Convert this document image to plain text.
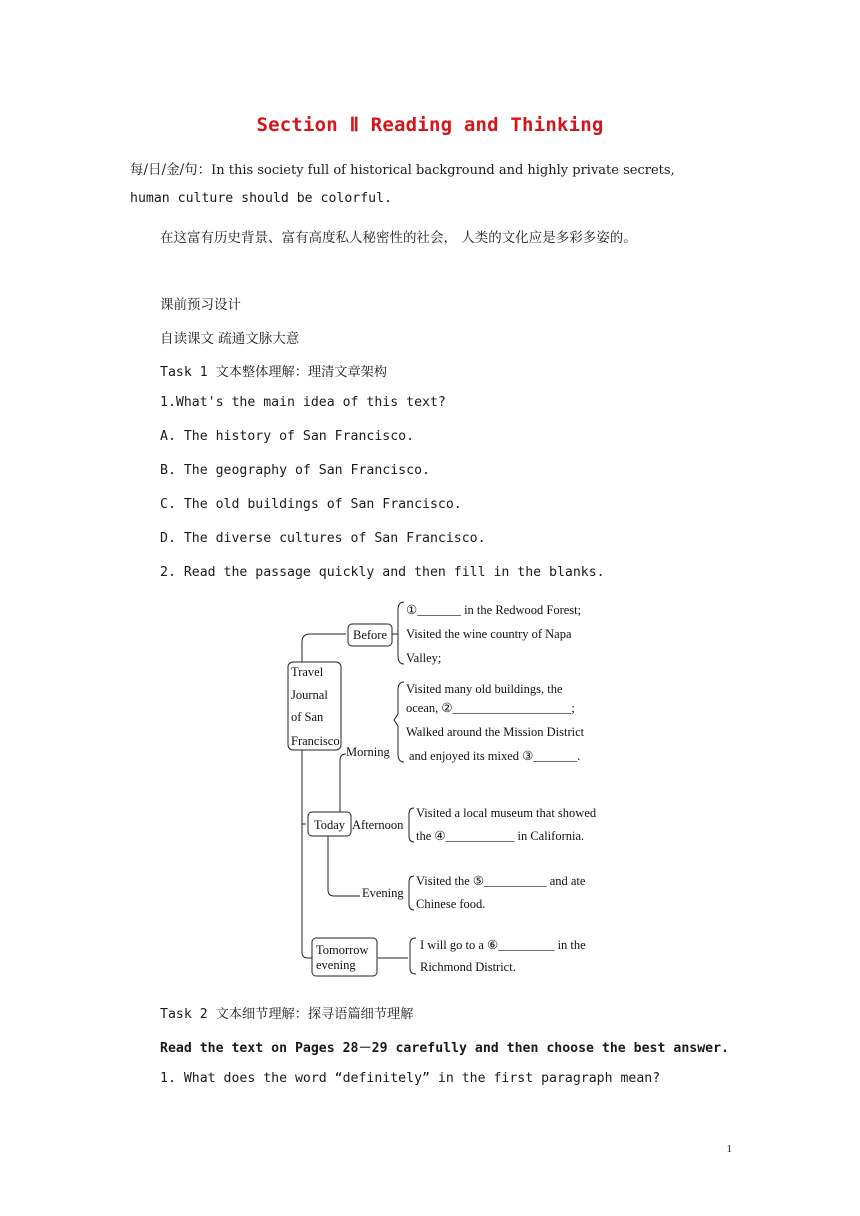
Section Ⅱ Reading and Thinking
每/日/金/句：In this society full of historical background and highly private secrets,
human culture should be colorful.
在这富有历史背景、富有高度私人秘密性的社会， 人类的文化应是多彩多姿的。
课前预习设计
自读课文 疏通文脉大意
Task 1 文本整体理解：理清文章架构
1.What's the main idea of this text?
A. The history of San Francisco.
B. The geography of San Francisco.
C. The old buildings of San Francisco.
D. The diverse cultures of San Francisco.
2. Read the passage quickly and then fill in the blanks.
Travel
Journal
of San
Francisco
Before
Today
Tomorrow
evening
Morning
Afternoon
Evening
①_______ in the Redwood Forest;
Visited the wine country of Napa
Valley;
Visited many old buildings, the
ocean, ②___________________;
Walked around the Mission District
and enjoyed its mixed ③_______.
Visited a local museum that showed
the ④___________ in California.
Visited the ⑤__________ and ate
Chinese food.
I will go to a ⑥_________ in the
Richmond District.
Task 2 文本细节理解：探寻语篇细节理解
Read the text on Pages 28－29 carefully and then choose the best answer.
1. What does the word “definitely” in the first paragraph mean?
1
